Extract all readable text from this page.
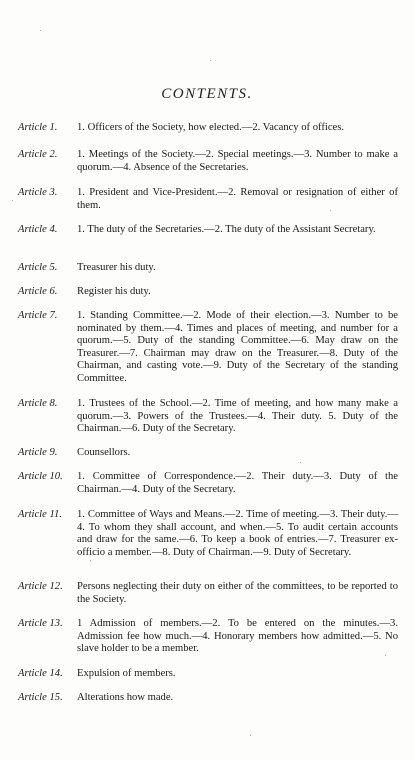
CONTENTS.
Article 1.	1. Officers of the Society, how elected.—2. Vacancy of offices.
Article 2.	1. Meetings of the Society.—2. Special meetings.—3. Number to make a quorum.—4. Absence of the Secretaries.
Article 3.	1. President and Vice-President.—2. Removal or resignation of either of them.
Article 4.	1. The duty of the Secretaries.—2. The duty of the Assistant Secretary.
Article 5.	Treasurer his duty.
Article 6.	Register his duty.
Article 7.	1. Standing Committee.—2. Mode of their election.—3. Number to be nominated by them.—4. Times and places of meeting, and number for a quorum.—5. Duty of the standing Committee.—6. May draw on the Treasurer.—7. Chairman may draw on the Treasurer.—8. Duty of the Chairman, and casting vote.—9. Duty of the Secretary of the standing Committee.
Article 8.	1. Trustees of the School.—2. Time of meeting, and how many make a quorum.—3. Powers of the Trustees.—4. Their duty. 5. Duty of the Chairman.—6. Duty of the Secretary.
Article 9.	Counsellors.
Article 10.	1. Committee of Correspondence.—2. Their duty.—3. Duty of the Chairman.—4. Duty of the Secretary.
Article 11.	1. Committee of Ways and Means.—2. Time of meeting.—3. Their duty.—4. To whom they shall account, and when.—5. To audit certain accounts and draw for the same.—6. To keep a book of entries.—7. Treasurer ex-officio a member.—8. Duty of Chairman.—9. Duty of Secretary.
Article 12.	Persons neglecting their duty on either of the committees, to be reported to the Society.
Article 13.	1 Admission of members.—2. To be entered on the minutes.—3. Admission fee how much.—4. Honorary members how admitted.—5. No slave holder to be a member.
Article 14.	Expulsion of members.
Article 15.	Alterations how made.
